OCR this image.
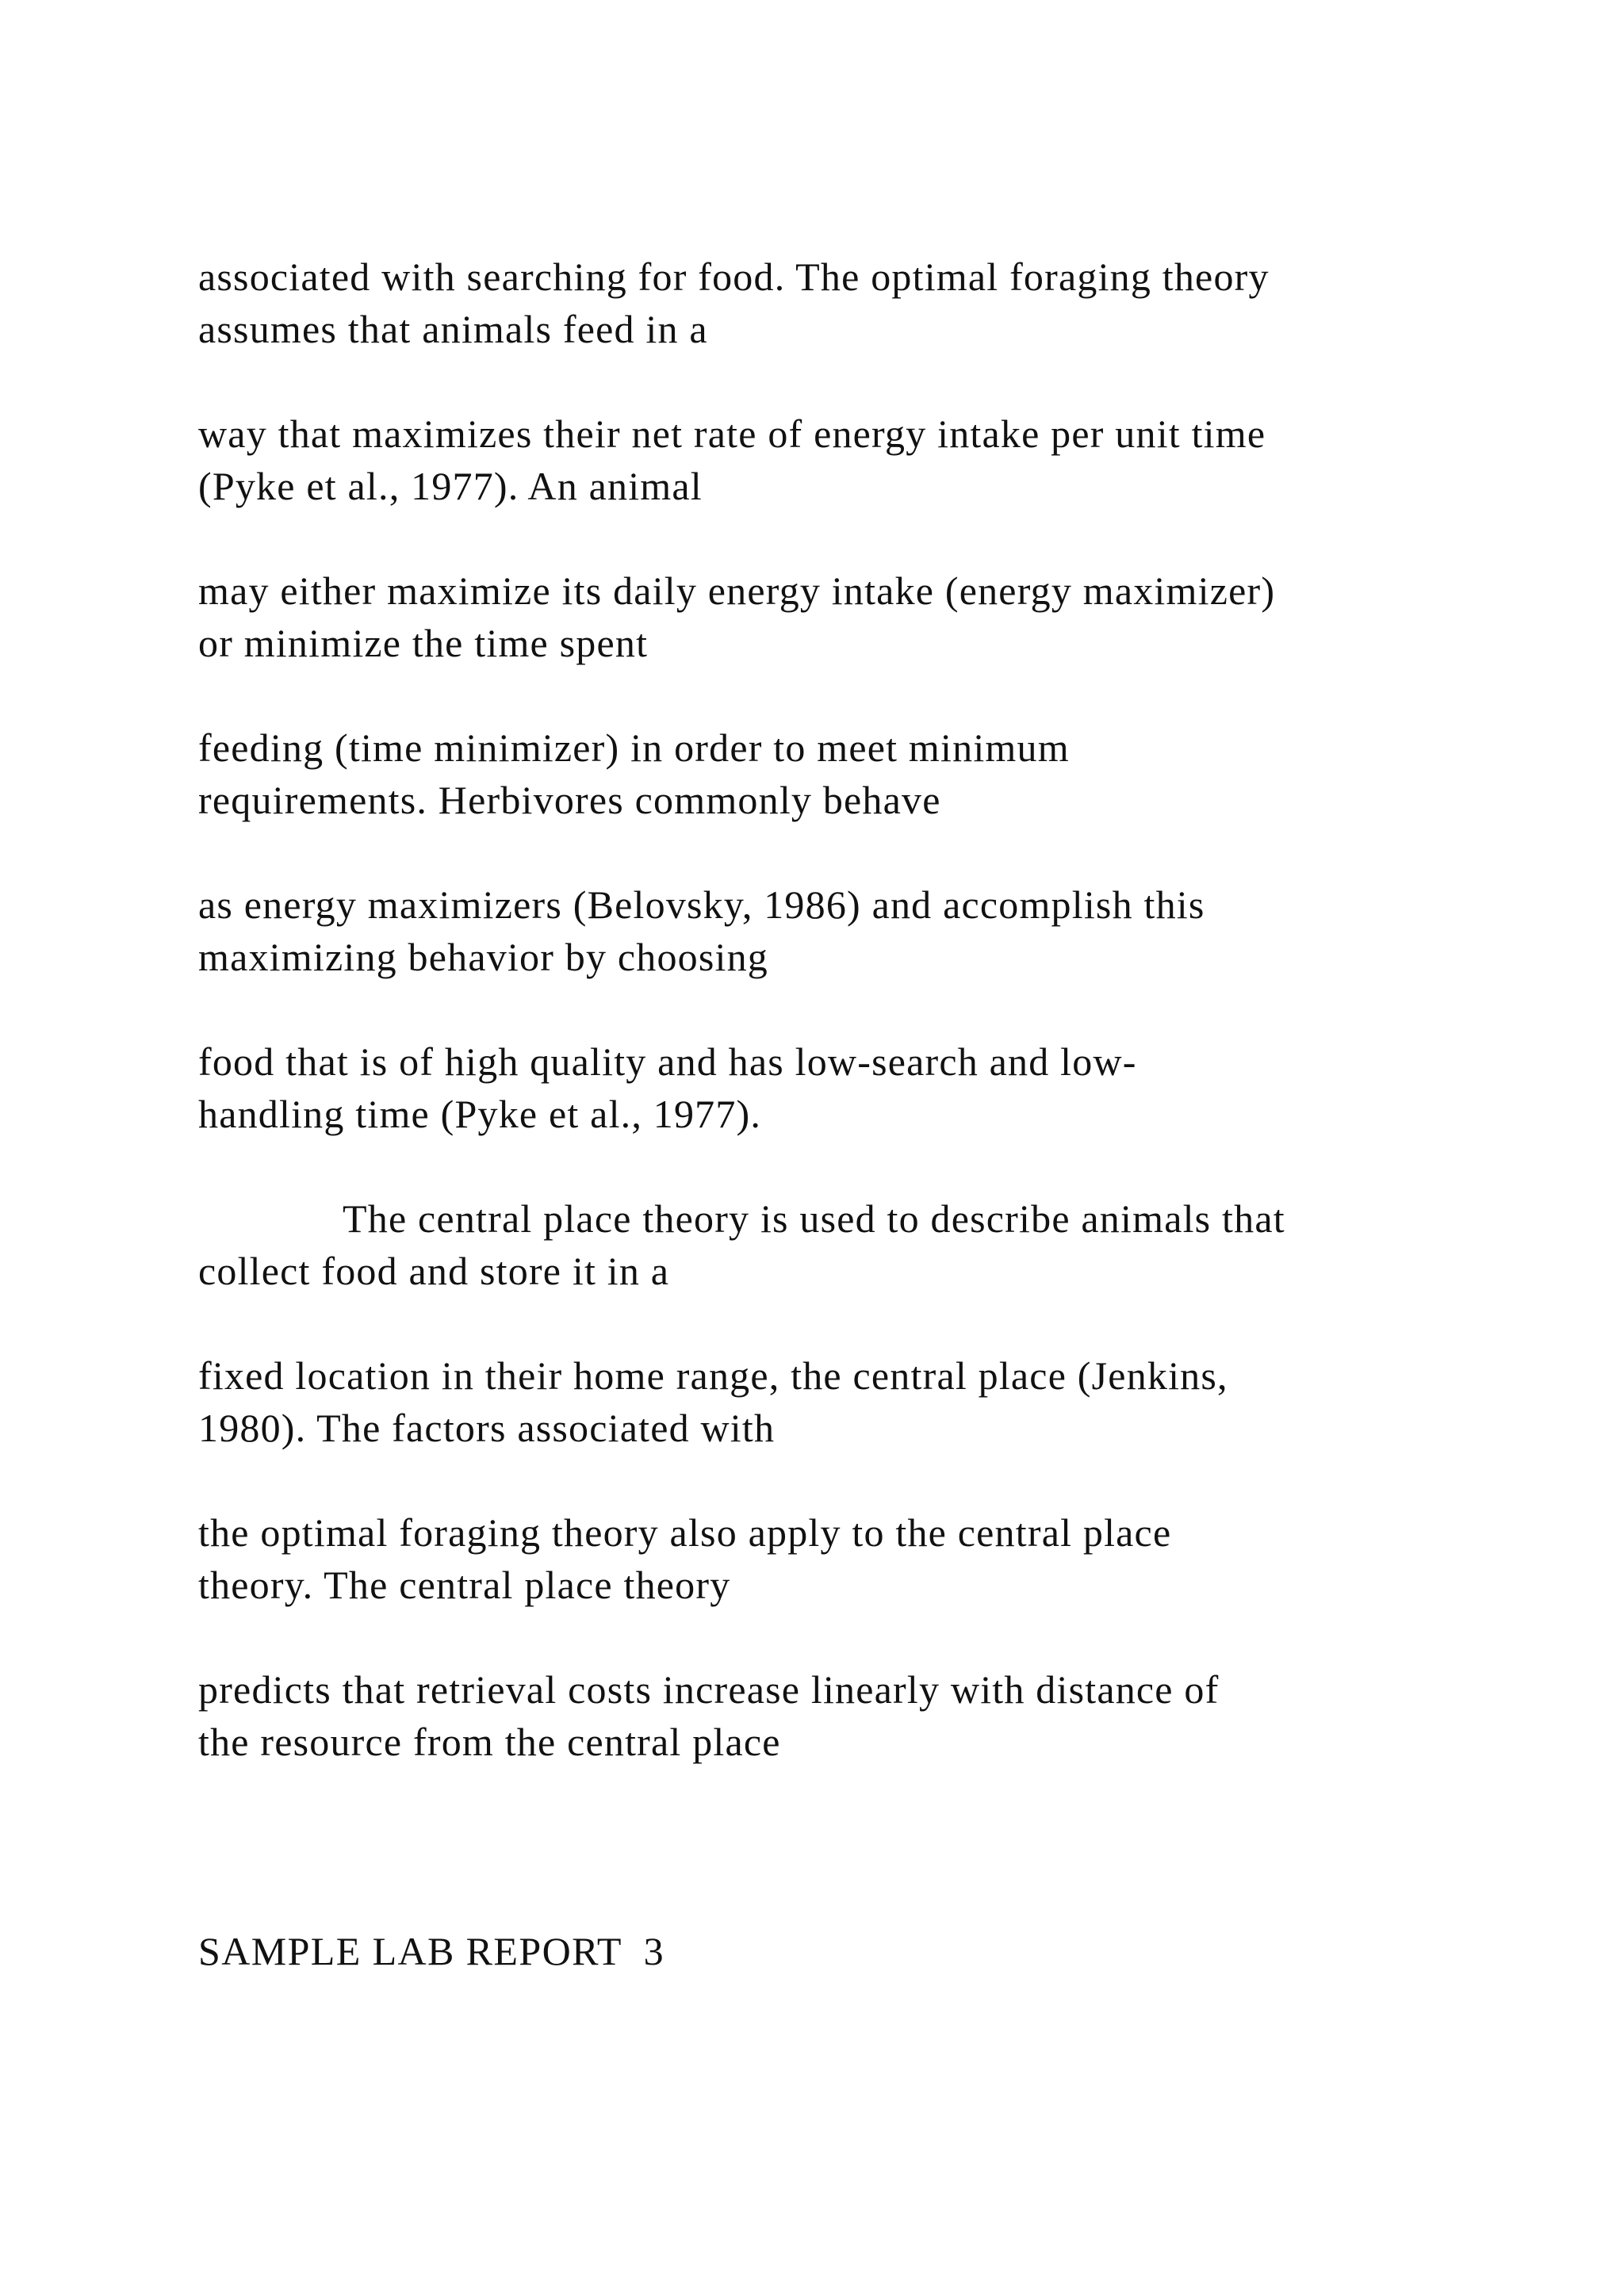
associated with searching for food. The optimal foraging theory
assumes that animals feed in a
way that maximizes their net rate of energy intake per unit time
(Pyke et al., 1977). An animal
may either maximize its daily energy intake (energy maximizer)
or minimize the time spent
feeding (time minimizer) in order to meet minimum
requirements. Herbivores commonly behave
as energy maximizers (Belovsky, 1986) and accomplish this
maximizing behavior by choosing
food that is of high quality and has low-search and low-
handling time (Pyke et al., 1977).
The central place theory is used to describe animals that
collect food and store it in a
fixed location in their home range, the central place (Jenkins,
1980). The factors associated with
the optimal foraging theory also apply to the central place
theory. The central place theory
predicts that retrieval costs increase linearly with distance of
the resource from the central place
SAMPLE LAB REPORT  3
